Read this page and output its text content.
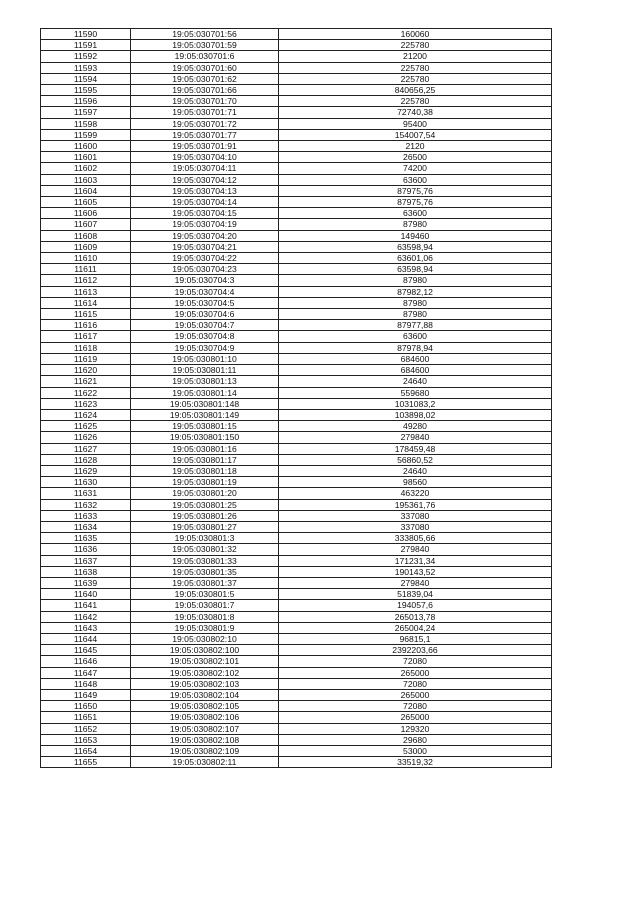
11590	19:05:030701:56	160060
11591	19:05:030701:59	225780
11592	19:05:030701:6	21200
11593	19:05:030701:60	225780
11594	19:05:030701:62	225780
11595	19:05:030701:66	840656,25
11596	19:05:030701:70	225780
11597	19:05:030701:71	72740,38
11598	19:05:030701:72	95400
11599	19:05:030701:77	154007,54
11600	19:05:030701:91	2120
11601	19:05:030704:10	26500
11602	19:05:030704:11	74200
11603	19:05:030704:12	63600
11604	19:05:030704:13	87975,76
11605	19:05:030704:14	87975,76
11606	19:05:030704:15	63600
11607	19:05:030704:19	87980
11608	19:05:030704:20	149460
11609	19:05:030704:21	63598,94
11610	19:05:030704:22	63601,06
11611	19:05:030704:23	63598,94
11612	19:05:030704:3	87980
11613	19:05:030704:4	87982,12
11614	19:05:030704:5	87980
11615	19:05:030704:6	87980
11616	19:05:030704:7	87977,88
11617	19:05:030704:8	63600
11618	19:05:030704:9	87978,94
11619	19:05:030801:10	684600
11620	19:05:030801:11	684600
11621	19:05:030801:13	24640
11622	19:05:030801:14	559680
11623	19:05:030801:148	1031083,2
11624	19:05:030801:149	103898,02
11625	19:05:030801:15	49280
11626	19:05:030801:150	279840
11627	19:05:030801:16	178459,48
11628	19:05:030801:17	56860,52
11629	19:05:030801:18	24640
11630	19:05:030801:19	98560
11631	19:05:030801:20	463220
11632	19:05:030801:25	195361,76
11633	19:05:030801:26	337080
11634	19:05:030801:27	337080
11635	19:05:030801:3	333805,66
11636	19:05:030801:32	279840
11637	19:05:030801:33	171231,34
11638	19:05:030801:35	190143,52
11639	19:05:030801:37	279840
11640	19:05:030801:5	51839,04
11641	19:05:030801:7	194057,6
11642	19:05:030801:8	265013,78
11643	19:05:030801:9	265004,24
11644	19:05:030802:10	96815,1
11645	19:05:030802:100	2392203,66
11646	19:05:030802:101	72080
11647	19:05:030802:102	265000
11648	19:05:030802:103	72080
11649	19:05:030802:104	265000
11650	19:05:030802:105	72080
11651	19:05:030802:106	265000
11652	19:05:030802:107	129320
11653	19:05:030802:108	29680
11654	19:05:030802:109	53000
11655	19:05:030802:11	33519,32
